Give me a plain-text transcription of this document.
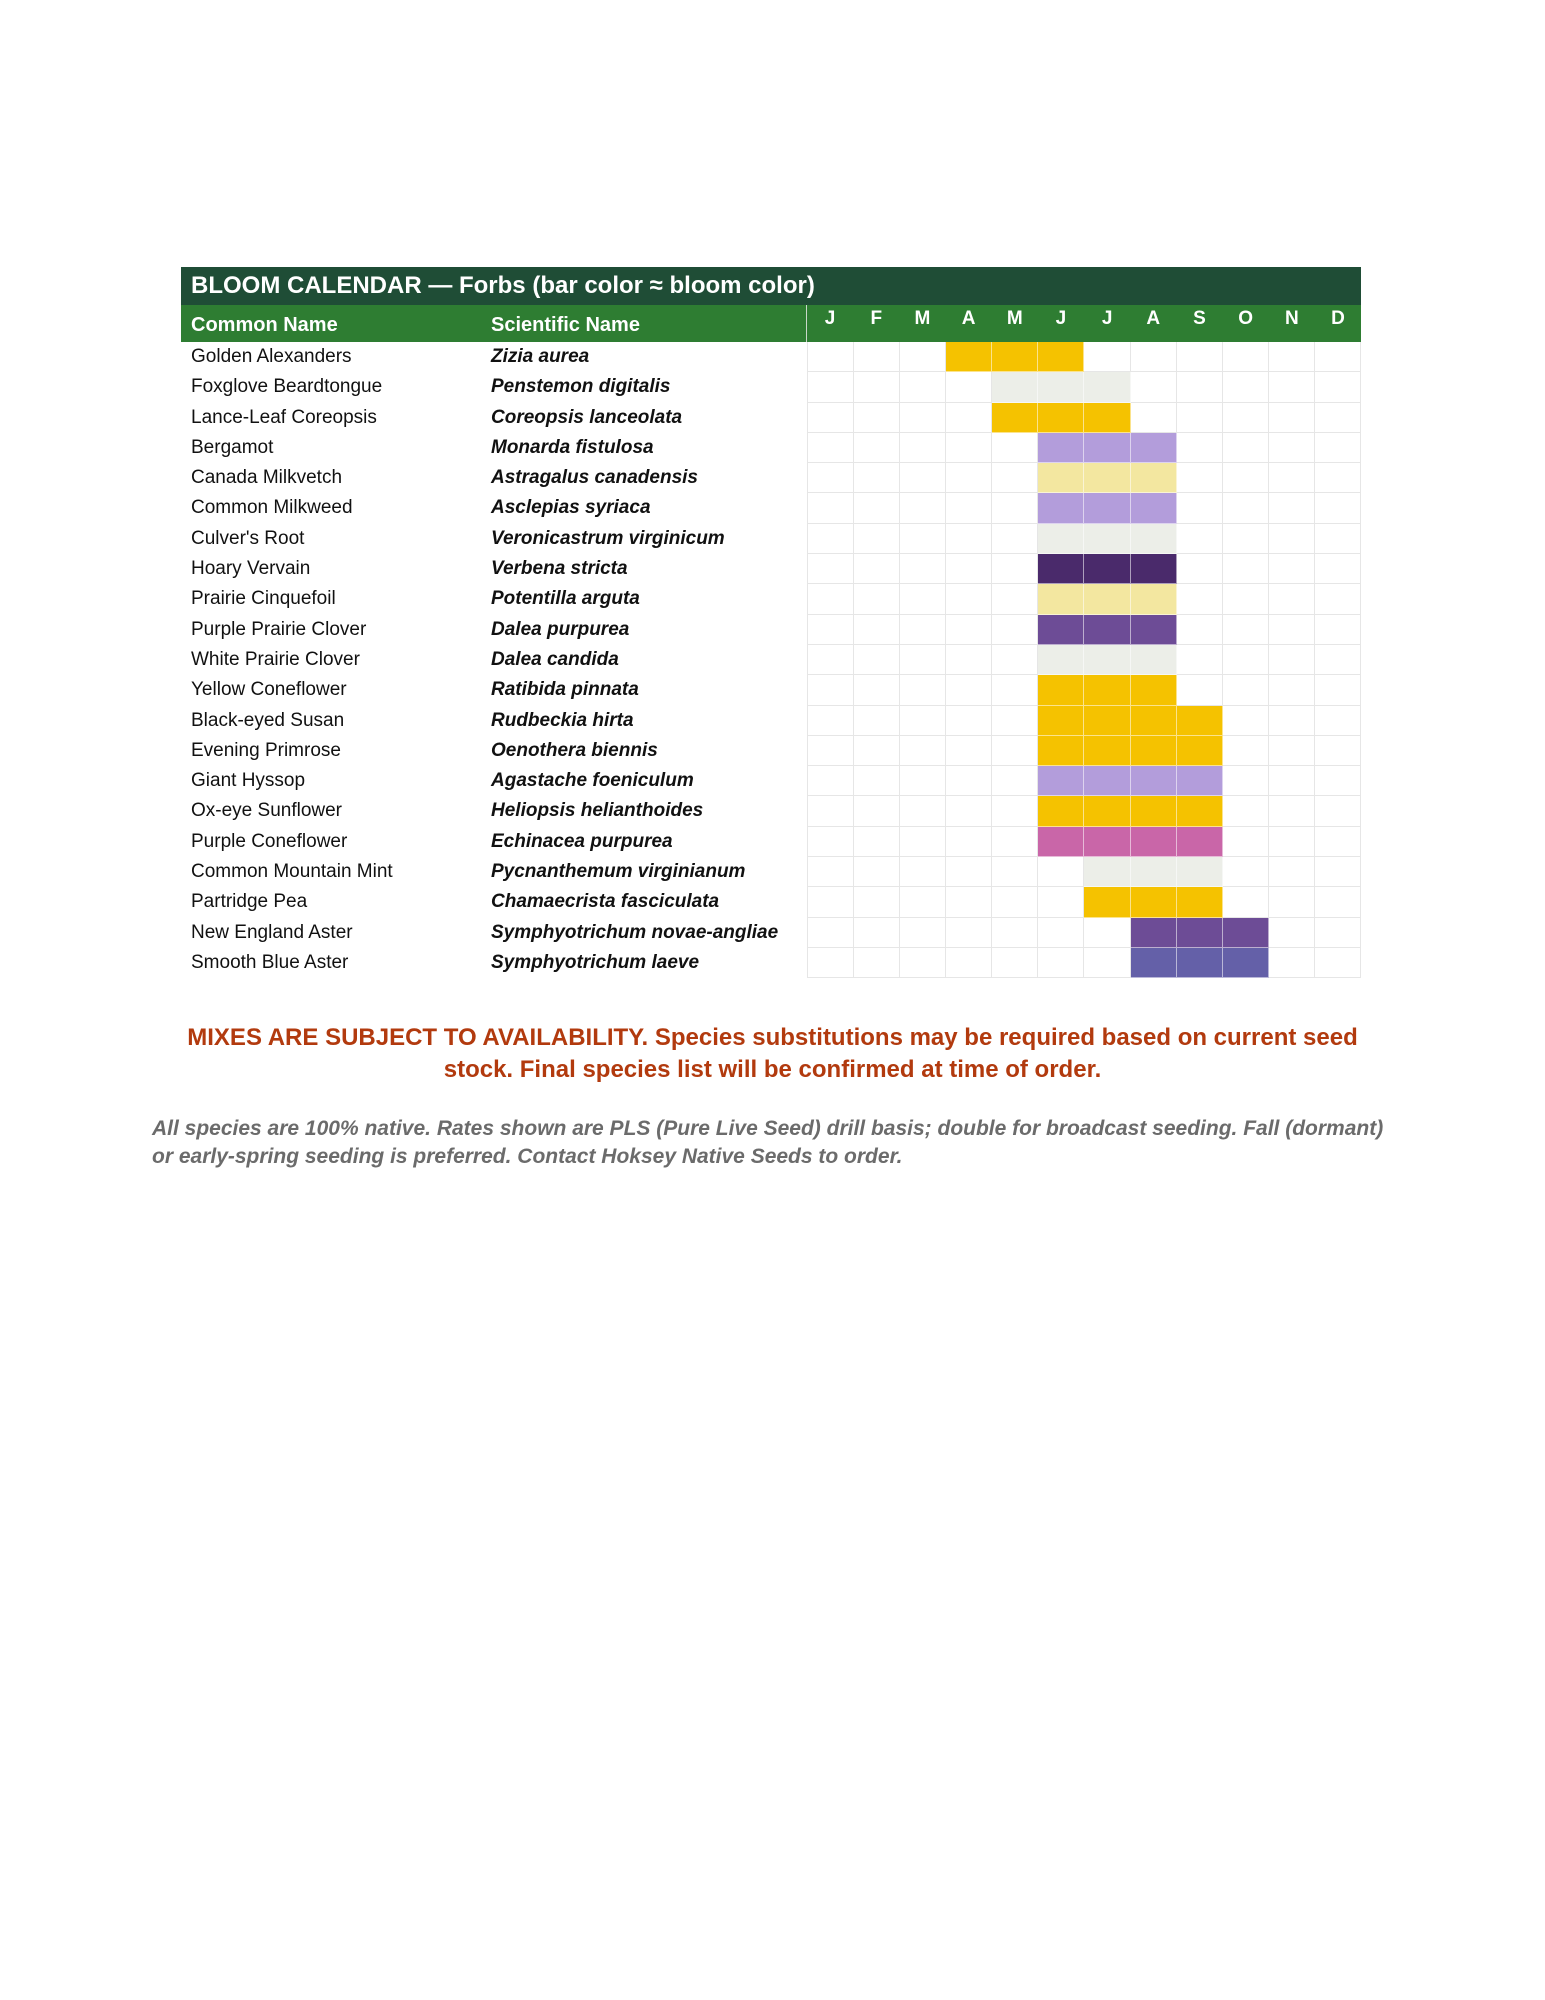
BLOOM CALENDAR — Forbs (bar color ≈ bloom color)
Common Name	Scientific Name	J	F	M	A	M	J	J	A	S	O	N	D
Golden Alexanders	Zizia aurea
Foxglove Beardtongue	Penstemon digitalis
Lance-Leaf Coreopsis	Coreopsis lanceolata
Bergamot	Monarda fistulosa
Canada Milkvetch	Astragalus canadensis
Common Milkweed	Asclepias syriaca
Culver's Root	Veronicastrum virginicum
Hoary Vervain	Verbena stricta
Prairie Cinquefoil	Potentilla arguta
Purple Prairie Clover	Dalea purpurea
White Prairie Clover	Dalea candida
Yellow Coneflower	Ratibida pinnata
Black-eyed Susan	Rudbeckia hirta
Evening Primrose	Oenothera biennis
Giant Hyssop	Agastache foeniculum
Ox-eye Sunflower	Heliopsis helianthoides
Purple Coneflower	Echinacea purpurea
Common Mountain Mint	Pycnanthemum virginianum
Partridge Pea	Chamaecrista fasciculata
New England Aster	Symphyotrichum novae-angliae
Smooth Blue Aster	Symphyotrichum laeve
MIXES ARE SUBJECT TO AVAILABILITY. Species substitutions may be required based on current seed stock. Final species list will be confirmed at time of order.
All species are 100% native. Rates shown are PLS (Pure Live Seed) drill basis; double for broadcast seeding. Fall (dormant) or early-spring seeding is preferred. Contact Hoksey Native Seeds to order.
